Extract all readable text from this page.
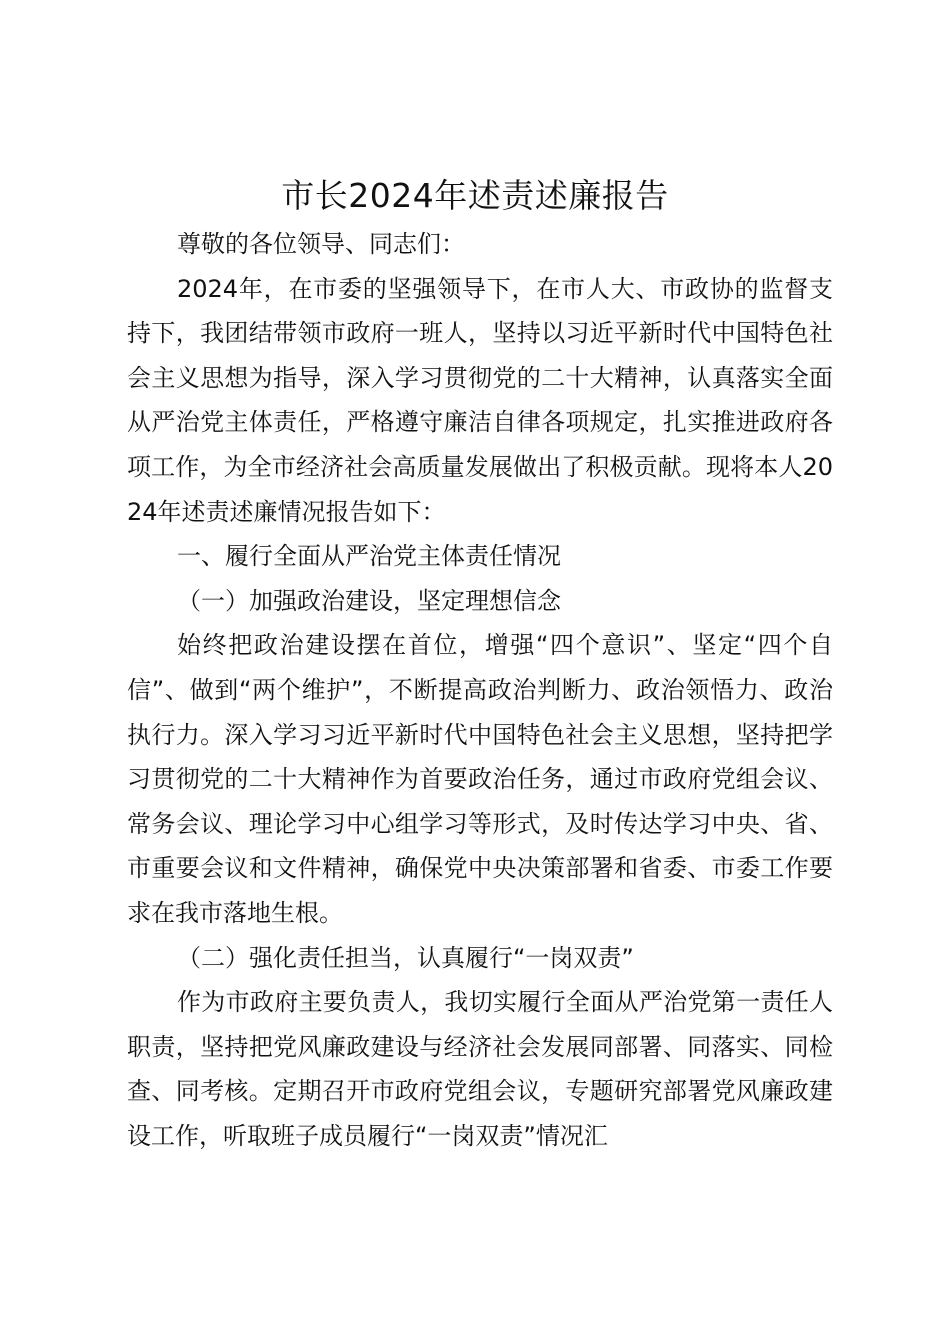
市长2024年述责述廉报告

尊敬的各位领导、同志们：

2024年，在市委的坚强领导下，在市人大、市政协的监督支持下，我团结带领市政府一班人，坚持以习近平新时代中国特色社会主义思想为指导，深入学习贯彻党的二十大精神，认真落实全面从严治党主体责任，严格遵守廉洁自律各项规定，扎实推进政府各项工作，为全市经济社会高质量发展做出了积极贡献。现将本人2024年述责述廉情况报告如下：

一、履行全面从严治党主体责任情况

（一）加强政治建设，坚定理想信念

始终把政治建设摆在首位，增强“四个意识”、坚定“四个自信”、做到“两个维护”，不断提高政治判断力、政治领悟力、政治执行力。深入学习习近平新时代中国特色社会主义思想，坚持把学习贯彻党的二十大精神作为首要政治任务，通过市政府党组会议、常务会议、理论学习中心组学习等形式，及时传达学习中央、省、市重要会议和文件精神，确保党中央决策部署和省委、市委工作要求在我市落地生根。

（二）强化责任担当，认真履行“一岗双责”

作为市政府主要负责人，我切实履行全面从严治党第一责任人职责，坚持把党风廉政建设与经济社会发展同部署、同落实、同检查、同考核。定期召开市政府党组会议，专题研究部署党风廉政建设工作，听取班子成员履行“一岗双责”情况汇
